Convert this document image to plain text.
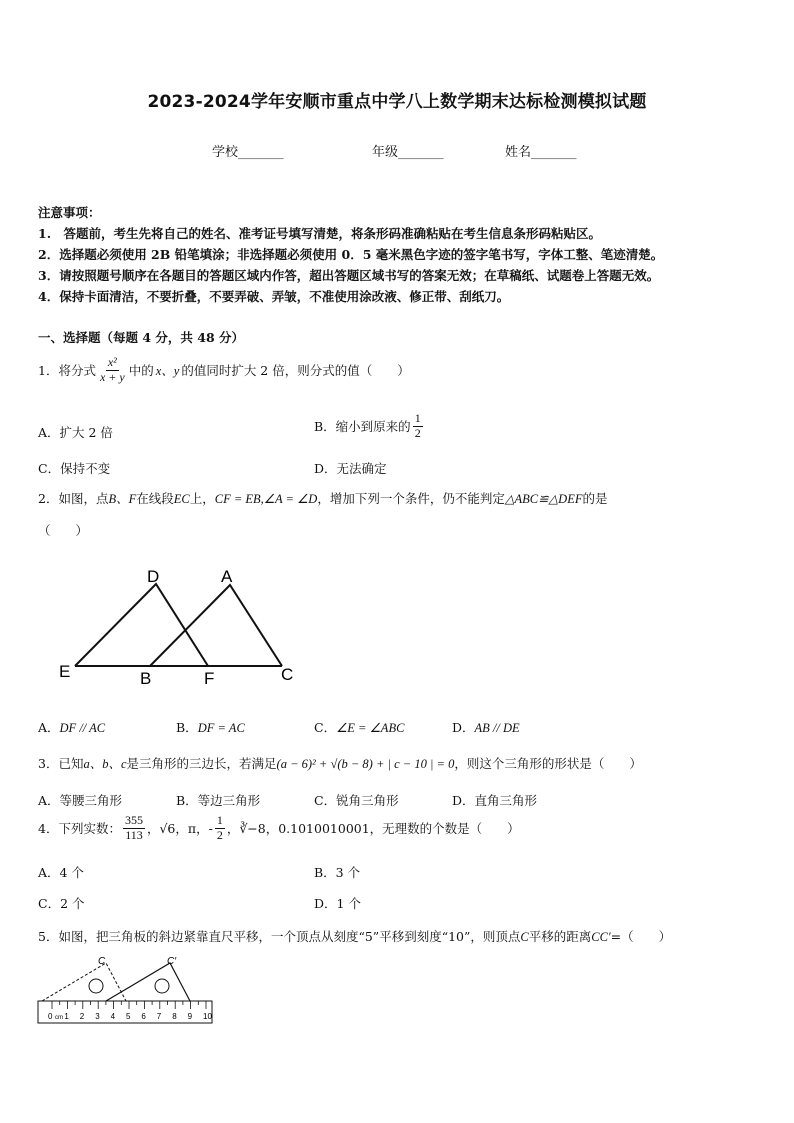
2023-2024学年安顺市重点中学八上数学期末达标检测模拟试题
学校_______	年级_______	姓名_______
注意事项：
1.　答题前，考生先将自己的姓名、准考证号填写清楚，将条形码准确粘贴在考生信息条形码粘贴区。
2．选择题必须使用 2B 铅笔填涂；非选择题必须使用 0．5 毫米黑色字迹的签字笔书写，字体工整、笔迹清楚。
3．请按照题号顺序在各题目的答题区域内作答，超出答题区域书写的答案无效；在草稿纸、试题卷上答题无效。
4．保持卡面清洁，不要折叠，不要弄破、弄皱，不准使用涂改液、修正带、刮纸刀。
一、选择题（每题 4 分，共 48 分）
1．将分式 $\frac{\text{x²}}{x + y}$ 中的 x、y 的值同时扩大 2 倍，则分式的值（　　）
A．扩大 2 倍	B．缩小到原来的 $\frac{1}{2}$
C．保持不变	D．无法确定
2．如图，点B、F在线段EC上，CF = EB,∠A = ∠D，增加下列一个条件，仍不能判定△ABC≌△DEF的是
（　　）
D	A
E	B	F	C
A．DF // AC	B．DF = AC	C．∠E = ∠ABC	D．AB // DE
3．已知a、b、c是三角形的三边长，若满足(a − 6)² + √(b − 8) + | c − 10 | = 0，则这个三角形的形状是（　　）
A．等腰三角形	B．等边三角形	C．锐角三角形	D．直角三角形
4．下列实数： $\frac{355}{113}$ ，√6，π，- $\frac{1}{2}$ ，∛−8，0.1010010001，无理数的个数是（　　）
A．4 个	B．3 个
C．2 个	D．1 个
5．如图，把三角板的斜边紧靠直尺平移，一个顶点从刻度“5”平移到刻度“10”，则顶点C平移的距离CC′=（　　）
C	C′
0 cm 1 2 3 4 5 6 7 8 9 10
